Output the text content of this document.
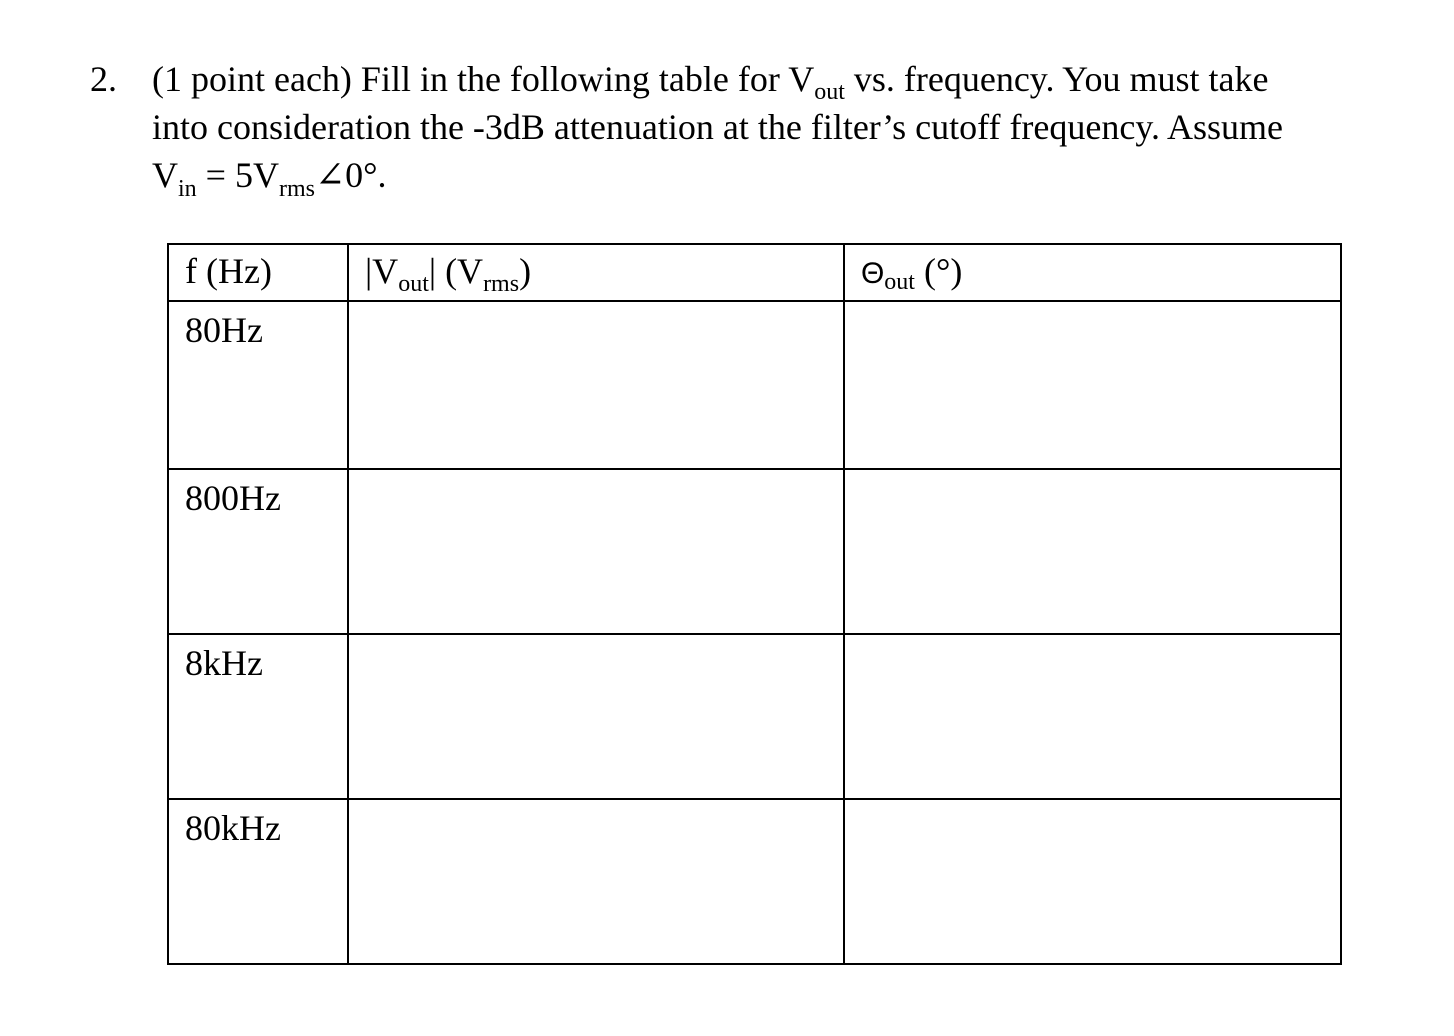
2. (1 point each) Fill in the following table for $V_{out}$ vs. frequency. You must take
into consideration the -3dB attenuation at the filter’s cutoff frequency. Assume
$V_{in}$ = $5V_{rms}\angle 0^\circ$.
f (Hz)	$|V_{out}|$ $(V_{rms})$	Θout (°)
80Hz		
800Hz		
8kHz		
80kHz		
